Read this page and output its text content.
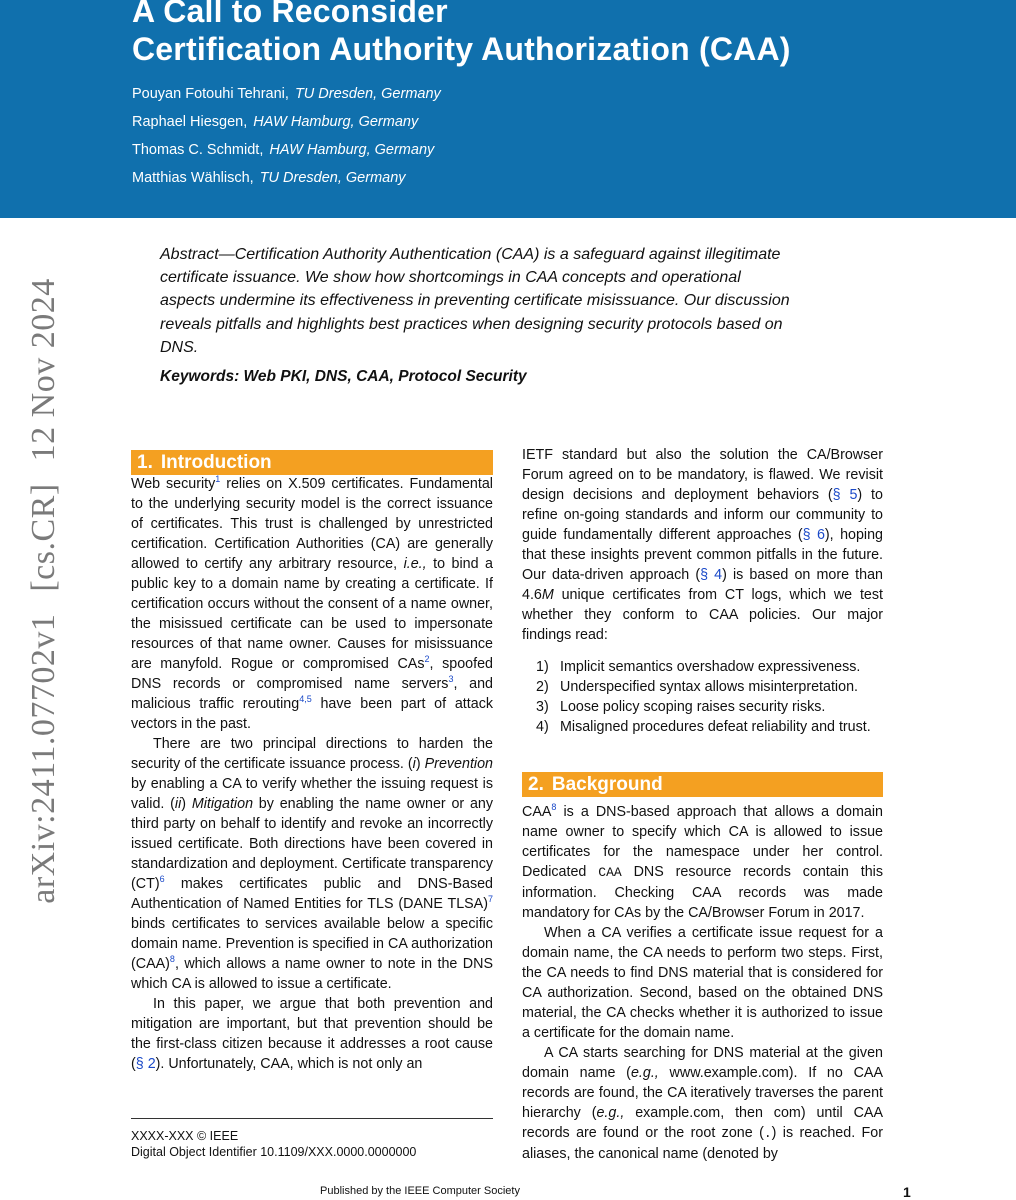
A Call to Reconsider
Certification Authority Authorization (CAA)
Pouyan Fotouhi Tehrani, TU Dresden, Germany
Raphael Hiesgen, HAW Hamburg, Germany
Thomas C. Schmidt, HAW Hamburg, Germany
Matthias Wählisch, TU Dresden, Germany
arXiv:2411.07702v1[cs.CR]12 Nov 2024
Abstract—Certification Authority Authentication (CAA) is a safeguard against illegitimate certificate issuance. We show how shortcomings in CAA concepts and operational aspects undermine its effectiveness in preventing certificate misissuance. Our discussion reveals pitfalls and highlights best practices when designing security protocols based on DNS.
Keywords: Web PKI, DNS, CAA, Protocol Security
1. Introduction

Web security$^1$ relies on X.509 certificates. Fundamental to the underlying security model is the correct issuance of certificates. This trust is challenged by unrestricted certification. Certification Authorities (CA) are generally allowed to certify any arbitrary resource, i.e., to bind a public key to a domain name by creating a certificate. If certification occurs without the consent of a name owner, the misissued certificate can be used to impersonate resources of that name owner. Causes for misissuance are manyfold. Rogue or compromised CAs$^2$, spoofed DNS records or compromised name servers$^3$, and malicious traffic rerouting$^{4,5}$ have been part of attack vectors in the past.

There are two principal directions to harden the security of the certificate issuance process. (i) Prevention by enabling a CA to verify whether the issuing request is valid. (ii) Mitigation by enabling the name owner or any third party on behalf to identify and revoke an incorrectly issued certificate. Both directions have been covered in standardization and deployment. Certificate transparency (CT)$^6$ makes certificates public and DNS-Based Authentication of Named Entities for TLS (DANE TLSA)$^7$ binds certificates to services available below a specific domain name. Prevention is specified in CA authorization (CAA)$^8$, which allows a name owner to note in the DNS which CA is allowed to issue a certificate.

In this paper, we argue that both prevention and mitigation are important, but that prevention should be the first-class citizen because it addresses a root cause (§ 2). Unfortunately, CAA, which is not only an

IETF standard but also the solution the CA/Browser Forum agreed on to be mandatory, is flawed. We revisit design decisions and deployment behaviors (§ 5) to refine on-going standards and inform our community to guide fundamentally different approaches (§ 6), hoping that these insights prevent common pitfalls in the future. Our data-driven approach (§ 4) is based on more than 4.6M unique certificates from CT logs, which we test whether they conform to CAA policies. Our major findings read:

1) Implicit semantics overshadow expressiveness.
2) Underspecified syntax allows misinterpretation.
3) Loose policy scoping raises security risks.
4) Misaligned procedures defeat reliability and trust.
2. Background

CAA$^8$ is a DNS-based approach that allows a domain name owner to specify which CA is allowed to issue certificates for the namespace under her control. Dedicated CAA DNS resource records contain this information. Checking CAA records was made mandatory for CAs by the CA/Browser Forum in 2017.

When a CA verifies a certificate issue request for a domain name, the CA needs to perform two steps. First, the CA needs to find DNS material that is considered for CA authorization. Second, based on the obtained DNS material, the CA checks whether it is authorized to issue a certificate for the domain name.

A CA starts searching for DNS material at the given domain name (e.g., www.example.com). If no CAA records are found, the CA iteratively traverses the parent hierarchy (e.g., example.com, then com) until CAA records are found or the root zone (.) is reached. For aliases, the canonical name (denoted by

XXXX-XXX © IEEE
Digital Object Identifier 10.1109/XXX.0000.0000000
Published by the IEEE Computer Society	1
